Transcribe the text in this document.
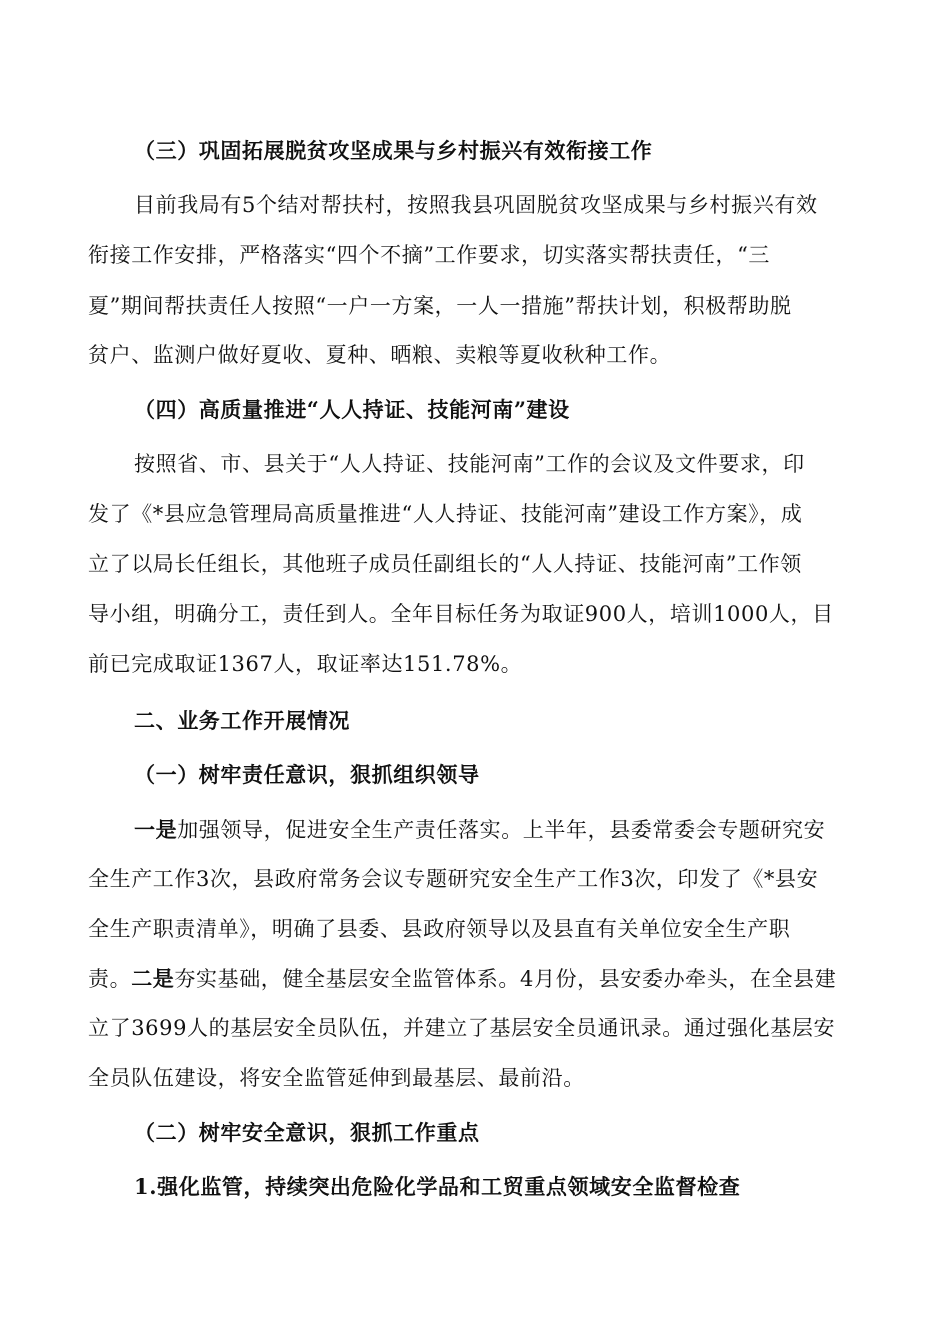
（三）巩固拓展脱贫攻坚成果与乡村振兴有效衔接工作
目前我局有5个结对帮扶村，按照我县巩固脱贫攻坚成果与乡村振兴有效
衔接工作安排，严格落实“四个不摘”工作要求，切实落实帮扶责任，“三
夏”期间帮扶责任人按照“一户一方案，一人一措施”帮扶计划，积极帮助脱
贫户、监测户做好夏收、夏种、晒粮、卖粮等夏收秋种工作。
（四）高质量推进“人人持证、技能河南”建设
按照省、市、县关于“人人持证、技能河南”工作的会议及文件要求，印
发了《*县应急管理局高质量推进“人人持证、技能河南”建设工作方案》，成
立了以局长任组长，其他班子成员任副组长的“人人持证、技能河南”工作领
导小组，明确分工，责任到人。全年目标任务为取证900人，培训1000人，目
前已完成取证1367人，取证率达151.78%。
二、业务工作开展情况
（一）树牢责任意识，狠抓组织领导
一是加强领导，促进安全生产责任落实。上半年，县委常委会专题研究安
全生产工作3次，县政府常务会议专题研究安全生产工作3次，印发了《*县安
全生产职责清单》，明确了县委、县政府领导以及县直有关单位安全生产职
责。二是夯实基础，健全基层安全监管体系。4月份，县安委办牵头，在全县建
立了3699人的基层安全员队伍，并建立了基层安全员通讯录。通过强化基层安
全员队伍建设，将安全监管延伸到最基层、最前沿。
（二）树牢安全意识，狠抓工作重点
1.强化监管，持续突出危险化学品和工贸重点领域安全监督检查
